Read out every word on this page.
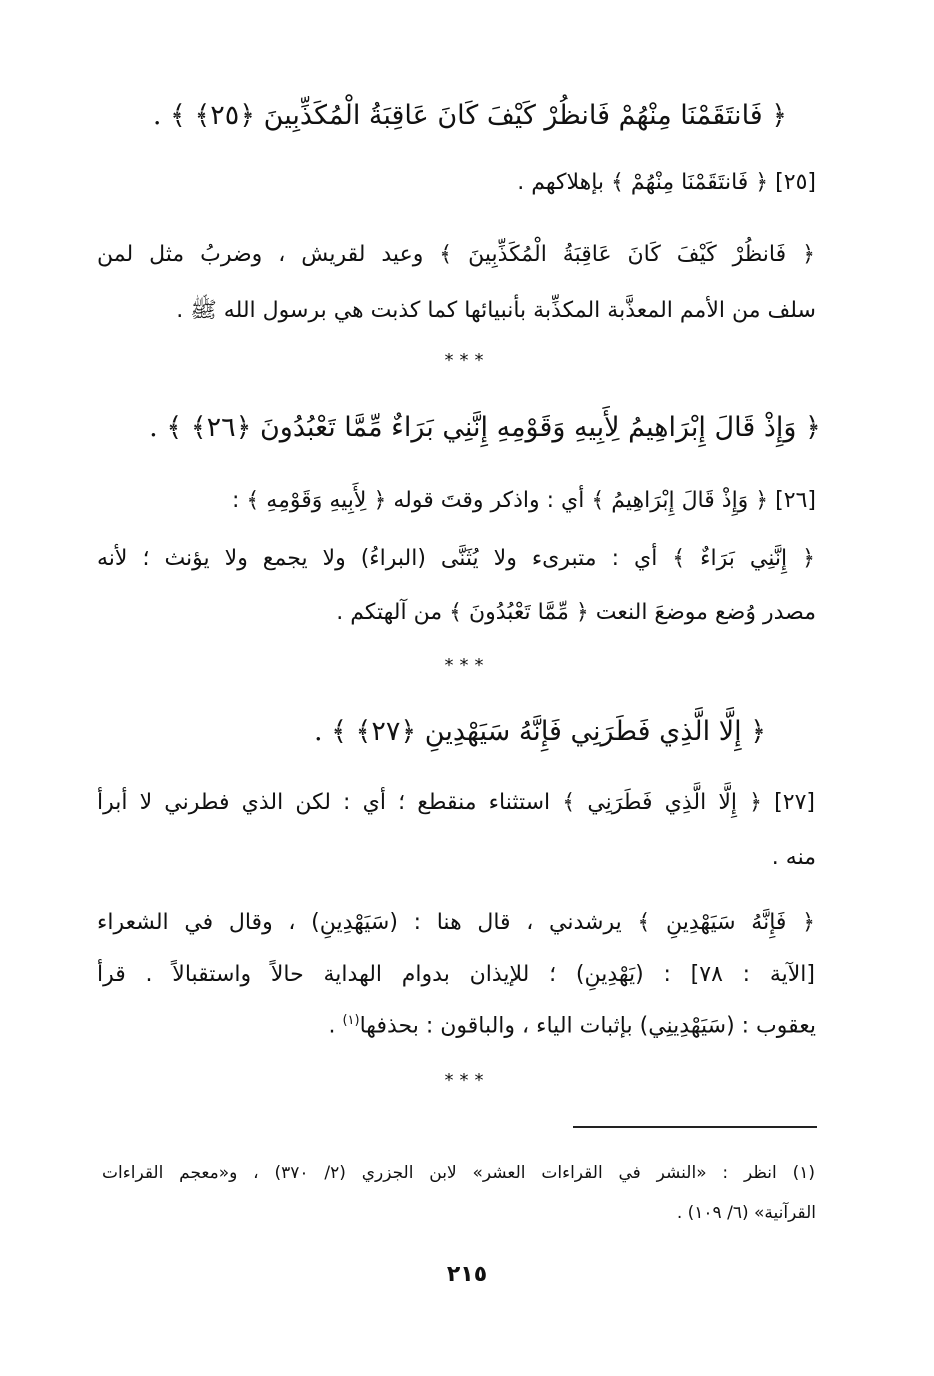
﴿ فَانتَقَمْنَا مِنْهُمْ فَانظُرْ كَيْفَ كَانَ عَاقِبَةُ الْمُكَذِّبِينَ ﴿٢٥﴾ ﴾ .
[٢٥] ﴿ فَانتَقَمْنَا مِنْهُمْ ﴾ بإهلاكهم .
﴿ فَانظُرْ كَيْفَ كَانَ عَاقِبَةُ الْمُكَذِّبِينَ ﴾ وعيد لقريش ، وضربُ مثل لمن
سلف من الأمم المعذَّبة المكذِّبة بأنبيائها كما كذبت هي برسول الله ﷺ .
***
﴿ وَإِذْ قَالَ إِبْرَاهِيمُ لِأَبِيهِ وَقَوْمِهِ إِنَّنِي بَرَاءٌ مِّمَّا تَعْبُدُونَ ﴿٢٦﴾ ﴾ .
[٢٦] ﴿ وَإِذْ قَالَ إِبْرَاهِيمُ ﴾ أي : واذكر وقتَ قوله ﴿ لِأَبِيهِ وَقَوْمِهِ ﴾ :
﴿ إِنَّنِي بَرَاءٌ ﴾ أي : متبرىء ولا يُثَنَّى (البراءُ) ولا يجمع ولا يؤنث ؛ لأنه
مصدر وُضع موضعَ النعت ﴿ مِّمَّا تَعْبُدُونَ ﴾ من آلهتكم .
***
﴿ إِلَّا الَّذِي فَطَرَنِي فَإِنَّهُ سَيَهْدِينِ ﴿٢٧﴾ ﴾ .
[٢٧] ﴿ إِلَّا الَّذِي فَطَرَنِي ﴾ استثناء منقطع ؛ أي : لكن الذي فطرني لا أبرأ
منه .
﴿ فَإِنَّهُ سَيَهْدِينِ ﴾ يرشدني ، قال هنا : (سَيَهْدِينِ) ، وقال في الشعراء
[الآية : ٧٨] : (يَهْدِينِ) ؛ للإيذان بدوام الهداية حالاً واستقبالاً . قرأ
يعقوب : (سَيَهْدِينِي) بإثبات الياء ، والباقون : بحذفها$^{(١)}$ .
***
(١) انظر : «النشر في القراءات العشر» لابن الجزري (٢/ ٣٧٠) ، و«معجم القراءات
القرآنية» (٦/ ١٠٩) .
٢١٥
